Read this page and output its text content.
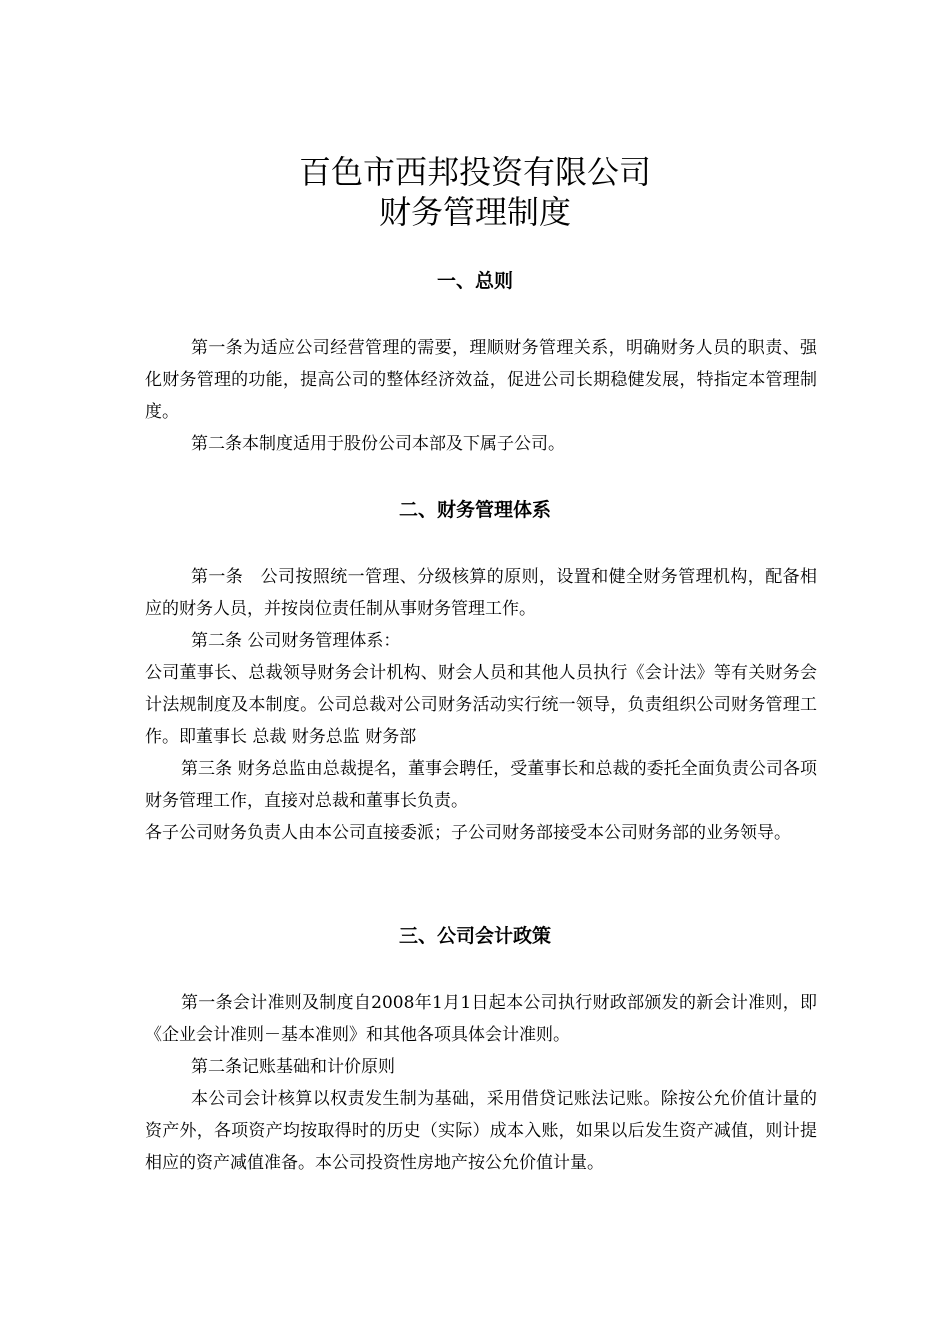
百色市西邦投资有限公司
财务管理制度
一、总则

第一条为适应公司经营管理的需要，理顺财务管理关系，明确财务人员的职责、强化财务管理的功能，提高公司的整体经济效益，促进公司长期稳健发展，特指定本管理制度。

第二条本制度适用于股份公司本部及下属子公司。

二、财务管理体系

第一条　公司按照统一管理、分级核算的原则，设置和健全财务管理机构，配备相应的财务人员，并按岗位责任制从事财务管理工作。

第二条 公司财务管理体系：

公司董事长、总裁领导财务会计机构、财会人员和其他人员执行《会计法》等有关财务会计法规制度及本制度。公司总裁对公司财务活动实行统一领导，负责组织公司财务管理工作。即董事长 总裁 财务总监 财务部

第三条 财务总监由总裁提名，董事会聘任，受董事长和总裁的委托全面负责公司各项财务管理工作，直接对总裁和董事长负责。

各子公司财务负责人由本公司直接委派；子公司财务部接受本公司财务部的业务领导。

三、公司会计政策

第一条会计准则及制度自2008年1月1日起本公司执行财政部颁发的新会计准则，即《企业会计准则－基本准则》和其他各项具体会计准则。

第二条记账基础和计价原则

本公司会计核算以权责发生制为基础，采用借贷记账法记账。除按公允价值计量的资产外，各项资产均按取得时的历史（实际）成本入账，如果以后发生资产减值，则计提相应的资产减值准备。本公司投资性房地产按公允价值计量。
